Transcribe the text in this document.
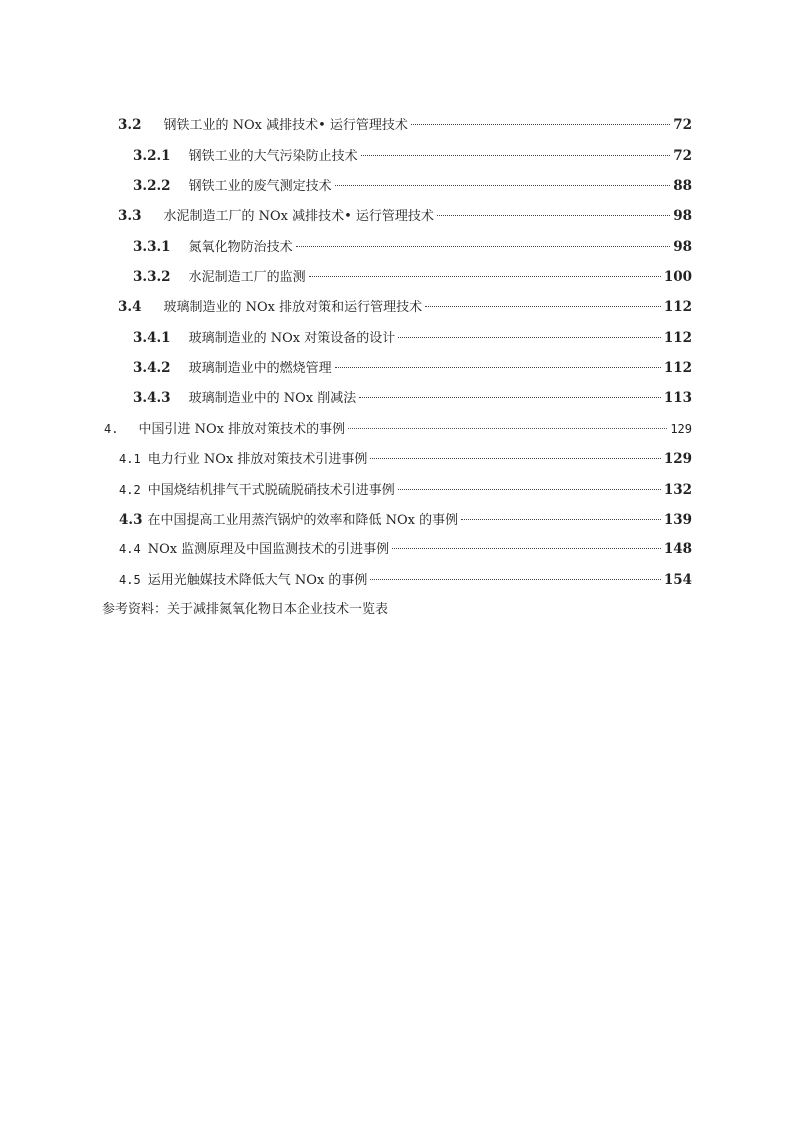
3.2 钢铁工业的 NOx 减排技术• 运行管理技术	72
3.2.1 钢铁工业的大气污染防止技术	72
3.2.2 钢铁工业的废气测定技术	88
3.3 水泥制造工厂的 NOx 减排技术• 运行管理技术	98
3.3.1 氮氧化物防治技术	98
3.3.2 水泥制造工厂的监测	100
3.4 玻璃制造业的 NOx 排放对策和运行管理技术	112
3.4.1 玻璃制造业的 NOx 对策设备的设计	112
3.4.2 玻璃制造业中的燃烧管理	112
3.4.3 玻璃制造业中的 NOx 削减法	113
4. 中国引进 NOx 排放对策技术的事例	129
4.1 电力行业 NOx 排放对策技术引进事例	129
4.2 中国烧结机排气干式脱硫脱硝技术引进事例	132
4.3 在中国提高工业用蒸汽锅炉的效率和降低 NOx 的事例	139
4.4 NOx 监测原理及中国监测技术的引进事例	148
4.5 运用光触媒技术降低大气 NOx 的事例	154
参考资料：关于减排氮氧化物日本企业技术一览表
